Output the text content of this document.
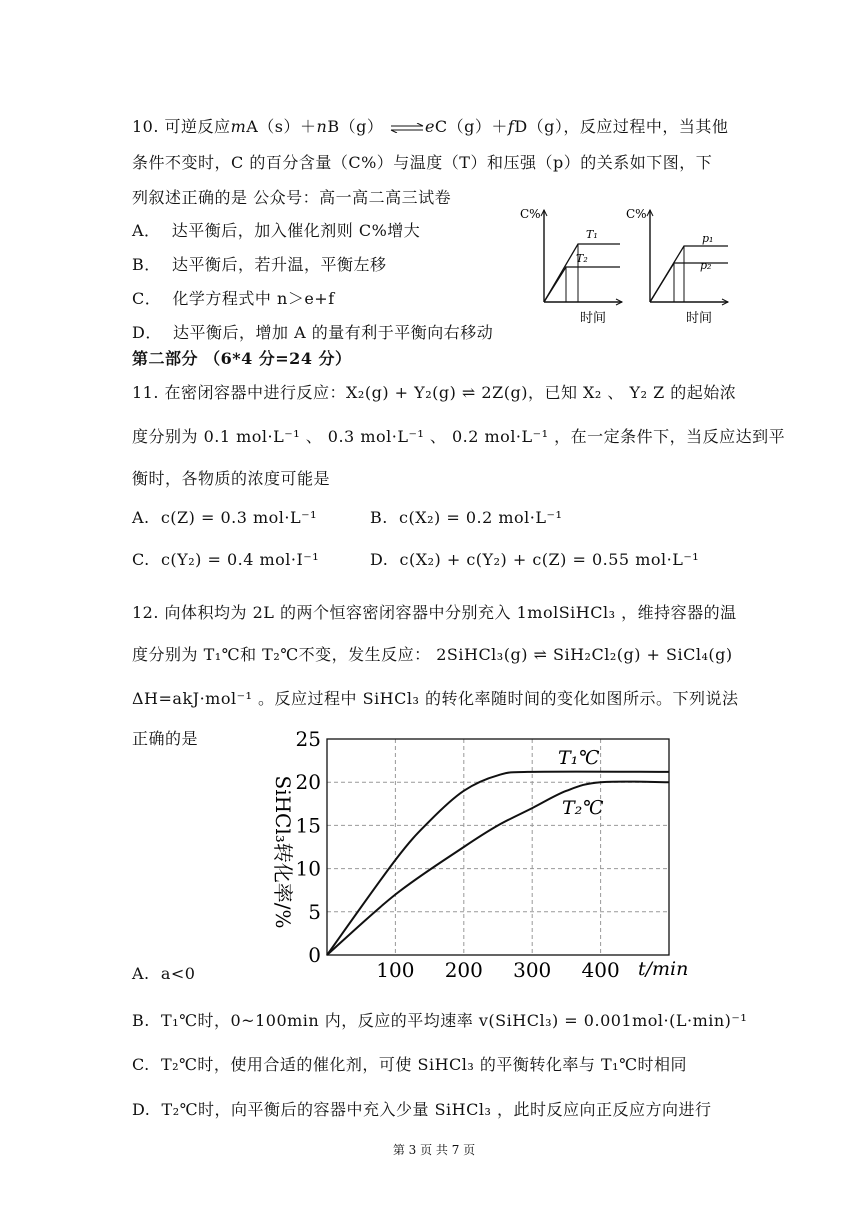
10. 可逆反应mA（s）＋nB（g） ⇌eC（g）＋fD（g），反应过程中，当其他
条件不变时，C 的百分含量（C%）与温度（T）和压强（p）的关系如下图，下
列叙述正确的是 公众号：高一高二高三试卷
A． 达平衡后，加入催化剂则 C%增大
B． 达平衡后，若升温，平衡左移
C． 化学方程式中 n＞e+f
D． 达平衡后，增加 A 的量有利于平衡向右移动
C%
时间
T₁
T₂
C%
时间
p₁
p₂
第二部分 （6*4 分=24 分）
11. 在密闭容器中进行反应：X₂(g) + Y₂(g) ⇌ 2Z(g)，已知 X₂ 、 Y₂ Z 的起始浓
度分别为 0.1 mol·L⁻¹ 、 0.3 mol·L⁻¹ 、 0.2 mol·L⁻¹ ，在一定条件下，当反应达到平
衡时，各物质的浓度可能是
A. c(Z) = 0.3 mol·L⁻¹	B. c(X₂) = 0.2 mol·L⁻¹
C. c(Y₂) = 0.4 mol·I⁻¹	D. c(X₂) + c(Y₂) + c(Z) = 0.55 mol·L⁻¹
12. 向体积均为 2L 的两个恒容密闭容器中分别充入 1molSiHCl₃ ，维持容器的温
度分别为 T₁℃和 T₂℃不变，发生反应： 2SiHCl₃(g) ⇌ SiH₂Cl₂(g) + SiCl₄(g)
ΔH=akJ·mol⁻¹ 。反应过程中 SiHCl₃ 的转化率随时间的变化如图所示。下列说法
正确的是
0
5
10
15
20
25
100 200 300 400 t/min
SiHCl₃转化率/%
T₁℃
T₂℃
A. a<0
B. T₁℃时，0~100min 内，反应的平均速率 v(SiHCl₃) = 0.001mol·(L·min)⁻¹
C. T₂℃时，使用合适的催化剂，可使 SiHCl₃ 的平衡转化率与 T₁℃时相同
D. T₂℃时，向平衡后的容器中充入少量 SiHCl₃ ，此时反应向正反应方向进行
第 3 页 共 7 页
